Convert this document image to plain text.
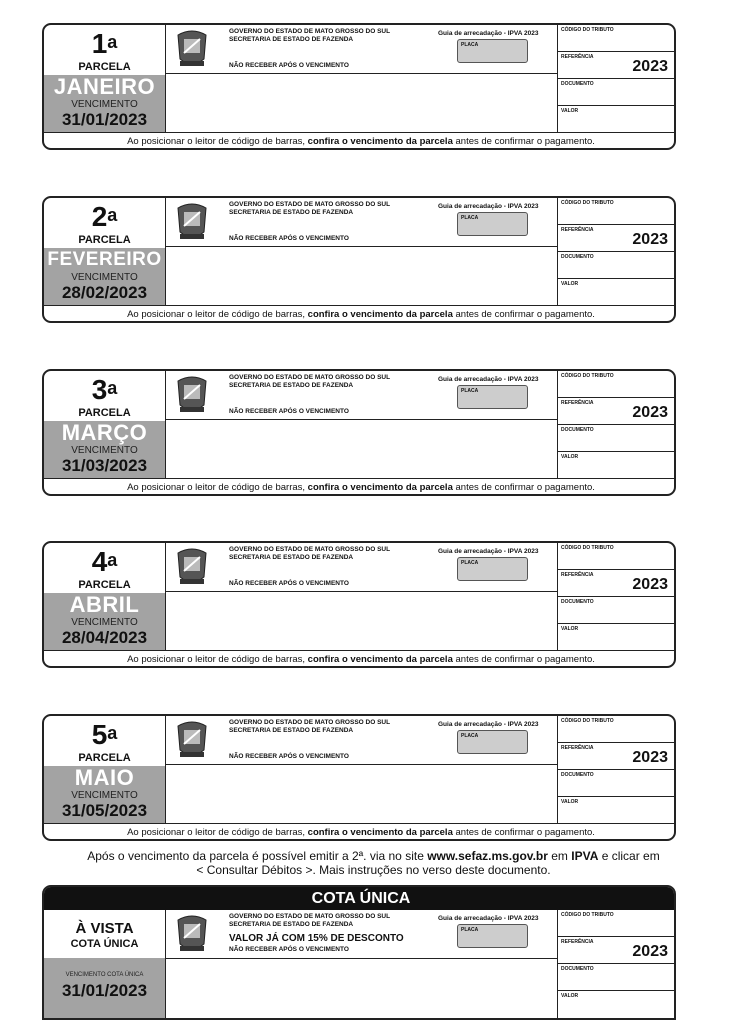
1$^a$
PARCELA
JANEIRO
VENCIMENTO
31/01/2023
GOVERNO DO ESTADO DE MATO GROSSO DO SUL
SECRETARIA DE ESTADO DE FAZENDA
NÃO RECEBER APÓS O VENCIMENTO
Guia de arrecadação - IPVA 2023
PLACA
CÓDIGO DO TRIBUTO
REFERÊNCIA
2023
DOCUMENTO
VALOR
Ao posicionar o leitor de código de barras, confira o vencimento da parcela antes de confirmar o pagamento.
2$^a$
PARCELA
FEVEREIRO
VENCIMENTO
28/02/2023
GOVERNO DO ESTADO DE MATO GROSSO DO SUL
SECRETARIA DE ESTADO DE FAZENDA
NÃO RECEBER APÓS O VENCIMENTO
Guia de arrecadação - IPVA 2023
PLACA
CÓDIGO DO TRIBUTO
REFERÊNCIA
2023
DOCUMENTO
VALOR
Ao posicionar o leitor de código de barras, confira o vencimento da parcela antes de confirmar o pagamento.
3$^a$
PARCELA
MARÇO
VENCIMENTO
31/03/2023
GOVERNO DO ESTADO DE MATO GROSSO DO SUL
SECRETARIA DE ESTADO DE FAZENDA
NÃO RECEBER APÓS O VENCIMENTO
Guia de arrecadação - IPVA 2023
PLACA
CÓDIGO DO TRIBUTO
REFERÊNCIA
2023
DOCUMENTO
VALOR
Ao posicionar o leitor de código de barras, confira o vencimento da parcela antes de confirmar o pagamento.
4$^a$
PARCELA
ABRIL
VENCIMENTO
28/04/2023
GOVERNO DO ESTADO DE MATO GROSSO DO SUL
SECRETARIA DE ESTADO DE FAZENDA
NÃO RECEBER APÓS O VENCIMENTO
Guia de arrecadação - IPVA 2023
PLACA
CÓDIGO DO TRIBUTO
REFERÊNCIA
2023
DOCUMENTO
VALOR
Ao posicionar o leitor de código de barras, confira o vencimento da parcela antes de confirmar o pagamento.
5$^a$
PARCELA
MAIO
VENCIMENTO
31/05/2023
GOVERNO DO ESTADO DE MATO GROSSO DO SUL
SECRETARIA DE ESTADO DE FAZENDA
NÃO RECEBER APÓS O VENCIMENTO
Guia de arrecadação - IPVA 2023
PLACA
CÓDIGO DO TRIBUTO
REFERÊNCIA
2023
DOCUMENTO
VALOR
Ao posicionar o leitor de código de barras, confira o vencimento da parcela antes de confirmar o pagamento.
Após o vencimento da parcela é possível emitir a 2ª. via no site www.sefaz.ms.gov.br em IPVA e clicar em
< Consultar Débitos >. Mais instruções no verso deste documento.
COTA ÚNICA
À VISTA
COTA ÚNICA
VENCIMENTO COTA ÚNICA
31/01/2023
GOVERNO DO ESTADO DE MATO GROSSO DO SUL
SECRETARIA DE ESTADO DE FAZENDA
VALOR JÁ COM 15% DE DESCONTO
NÃO RECEBER APÓS O VENCIMENTO
Guia de arrecadação - IPVA 2023
PLACA
CÓDIGO DO TRIBUTO
REFERÊNCIA
2023
DOCUMENTO
VALOR
